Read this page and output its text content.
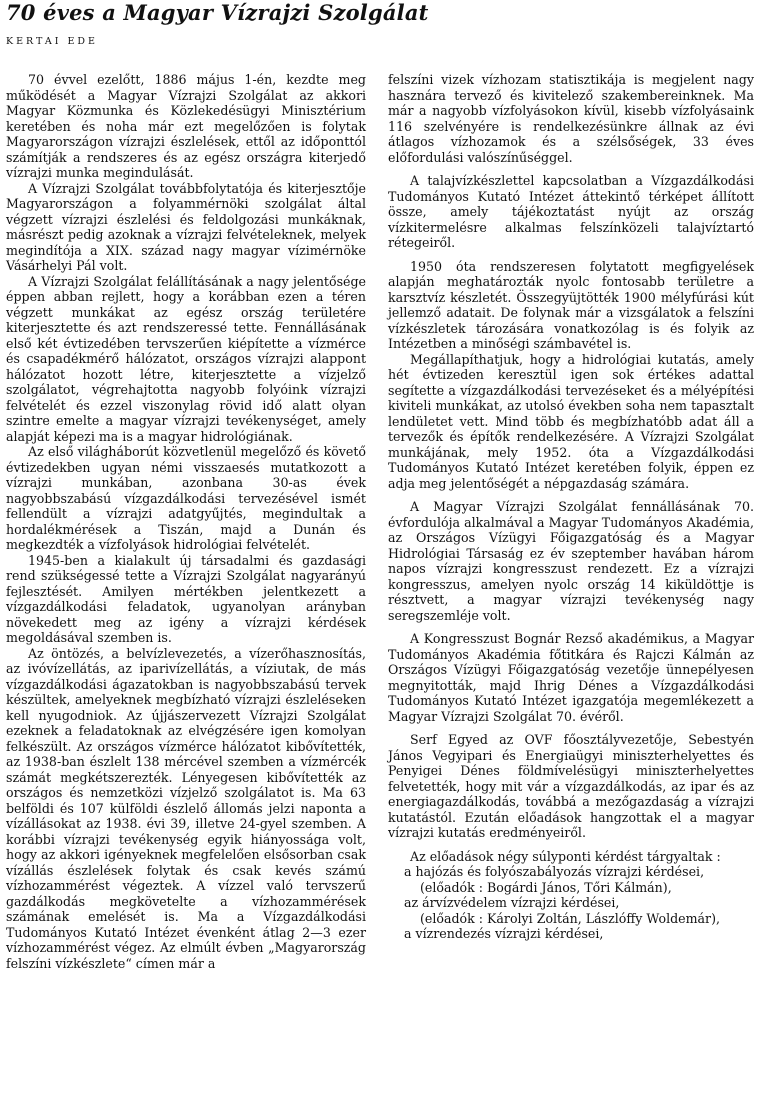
70 éves a Magyar Vízrajzi Szolgálat
KERTAI EDE

70 évvel ezelőtt, 1886 május 1-én, kezdte meg működését a Magyar Vízrajzi Szolgálat az akkori Magyar Közmunka és Közlekedésügyi Minisztérium keretében és noha már ezt megelőzően is folytak Magyarországon vízrajzi észlelések, ettől az időponttól számítják a rendszeres és az egész országra kiterjedő vízrajzi munka megindulását.

A Vízrajzi Szolgálat továbbfolytatója és kiterjesztője Magyarországon a folyammérnöki szolgálat által végzett vízrajzi észlelési és feldolgozási munkáknak, másrészt pedig azoknak a vízrajzi felvételeknek, melyek megindítója a XIX. század nagy magyar vízimérnöke Vásárhelyi Pál volt.

A Vízrajzi Szolgálat felállításának a nagy jelentősége éppen abban rejlett, hogy a korábban ezen a téren végzett munkákat az egész ország területére kiterjesztette és azt rendszeressé tette. Fennállásának első két évtizedében tervszerűen kiépítette a vízmérce és csapadékmérő hálózatot, országos vízrajzi alappont hálózatot hozott létre, kiterjesztette a vízjelző szolgálatot, végrehajtotta nagyobb folyóink vízrajzi felvételét és ezzel viszonylag rövid idő alatt olyan szintre emelte a magyar vízrajzi tevékenységet, amely alapját képezi ma is a magyar hidrológiának.

Az első világháborút közvetlenül megelőző és követő évtizedekben ugyan némi visszaesés mutatkozott a vízrajzi munkában, azonbana 30-as évek nagyobbszabású vízgazdálkodási tervezésével ismét fellendült a vízrajzi adatgyűjtés, megindultak a hordalékmérések a Tiszán, majd a Dunán és megkezdték a vízfolyások hidrológiai felvételét.

1945-ben a kialakult új társadalmi és gazdasági rend szükségessé tette a Vízrajzi Szolgálat nagyarányú fejlesztését. Amilyen mértékben jelentkezett a vízgazdálkodási feladatok, ugyanolyan arányban növekedett meg az igény a vízrajzi kérdések megoldásával szemben is.

Az öntözés, a belvízlevezetés, a vízerőhasznosítás, az ivóvízellátás, az iparivízellátás, a víziutak, de más vízgazdálkodási ágazatokban is nagyobbszabású tervek készültek, amelyeknek megbízható vízrajzi észleléseken kell nyugodniok. Az újjászervezett Vízrajzi Szolgálat ezeknek a feladatoknak az elvégzésére igen komolyan felkészült. Az országos vízmérce hálózatot kibővítették, az 1938-ban észlelt 138 mércével szemben a vízmércék számát megkétszerezték. Lényegesen kibővítették az országos és nemzetközi vízjelző szolgálatot is. Ma 63 belföldi és 107 külföldi észlelő állomás jelzi naponta a vízállásokat az 1938. évi 39, illetve 24-gyel szemben. A korábbi vízrajzi tevékenység egyik hiányossága volt, hogy az akkori igényeknek megfelelően elsősorban csak vízállás észlelések folytak és csak kevés számú vízhozammérést végeztek. A vízzel való tervszerű gazdálkodás megkövetelte a vízhozammérések számának emelését is. Ma a Vízgazdálkodási Tudományos Kutató Intézet évenként átlag 2—3 ezer vízhozammérést végez. Az elmúlt évben „Magyarország felszíni vízkészlete“ címen már a

felszíni vizek vízhozam statisztikája is megjelent nagy hasznára tervező és kivitelező szakembereinknek. Ma már a nagyobb vízfolyásokon kívül, kisebb vízfolyásaink 116 szelvényére is rendelkezésünkre állnak az évi átlagos vízhozamok és a szélsőségek, 33 éves előfordulási valószínűséggel.

A talajvízkészlettel kapcsolatban a Vízgazdálkodási Tudományos Kutató Intézet áttekintő térképet állított össze, amely tájékoztatást nyújt az ország vízkitermelésre alkalmas felszínközeli talajvíztartó rétegeiről.

1950 óta rendszeresen folytatott megfigyelések alapján meghatározták nyolc fontosabb területre a karsztvíz készletét. Összegyüjtötték 1900 mélyfúrási kút jellemző adatait. De folynak már a vizsgálatok a felszíni vízkészletek tározására vonatkozólag is és folyik az Intézetben a minőségi számbavétel is.

Megállapíthatjuk, hogy a hidrológiai kutatás, amely hét évtizeden keresztül igen sok értékes adattal segítette a vízgazdálkodási tervezéseket és a mélyépítési kiviteli munkákat, az utolsó években soha nem tapasztalt lendületet vett. Mind több és megbízhatóbb adat áll a tervezők és építők rendelkezésére. A Vízrajzi Szolgálat munkájának, mely 1952. óta a Vízgazdálkodási Tudományos Kutató Intézet keretében folyik, éppen ez adja meg jelentőségét a népgazdaság számára.

A Magyar Vízrajzi Szolgálat fennállásának 70. évfordulója alkalmával a Magyar Tudományos Akadémia, az Országos Vízügyi Főigazgatóság és a Magyar Hidrológiai Társaság ez év szeptember havában három napos vízrajzi kongresszust rendezett. Ez a vízrajzi kongresszus, amelyen nyolc ország 14 kiküldöttje is résztvett, a magyar vízrajzi tevékenység nagy seregszemléje volt.

A Kongresszust Bognár Rezső akadémikus, a Magyar Tudományos Akadémia főtitkára és Rajczi Kálmán az Országos Vízügyi Főigazgatóság vezetője ünnepélyesen megnyitották, majd Ihrig Dénes a Vízgazdálkodási Tudományos Kutató Intézet igazgatója megemlékezett a Magyar Vízrajzi Szolgálat 70. évéről.

Serf Egyed az OVF főosztályvezetője, Sebestyén János Vegyipari és Energiaügyi miniszterhelyettes és Penyigei Dénes földmívelésügyi miniszterhelyettes felvetették, hogy mit vár a vízgazdálkodás, az ipar és az energiagazdálkodás, továbbá a mezőgazdaság a vízrajzi kutatástól. Ezután előadások hangzottak el a magyar vízrajzi kutatás eredményeiről.

Az előadások négy súlyponti kérdést tárgyaltak :

a hajózás és folyószabályozás vízrajzi kérdései,

(előadók : Bogárdi János, Tőri Kálmán),

az árvízvédelem vízrajzi kérdései,

(előadók : Károlyi Zoltán, Lászlóffy Woldemár),

a vízrendezés vízrajzi kérdései,
